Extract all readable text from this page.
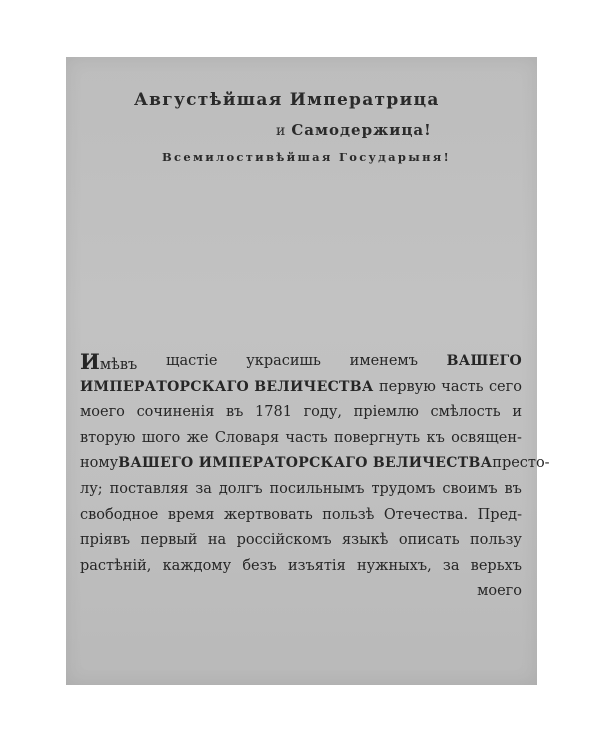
Августѣйшая Императрица
и Самодержица!
Всемилостивѣйшая Государыня!
Имѣвъ щастiе украсишь именемъ ВАШЕГО
ИМПЕРАТОРСКАГО ВЕЛИЧЕСТВА первую часть сего
моего сочиненiя въ 1781 году, прiемлю смѣлость и
вторую шого же Словаря часть повергнуть къ освящен-
ному ВАШЕГО ИМПЕРАТОРСКАГО ВЕЛИЧЕСТВА престо-
лу; поставляя за долгъ посильнымъ трудомъ своимъ въ
свободное время жертвовать пользѣ Отечества. Пред-
прiявъ первый на россiйскомъ языкѣ описать пользу
растѣнiй, каждому безъ изъятiя нужныхъ, за верьхъ
моего
